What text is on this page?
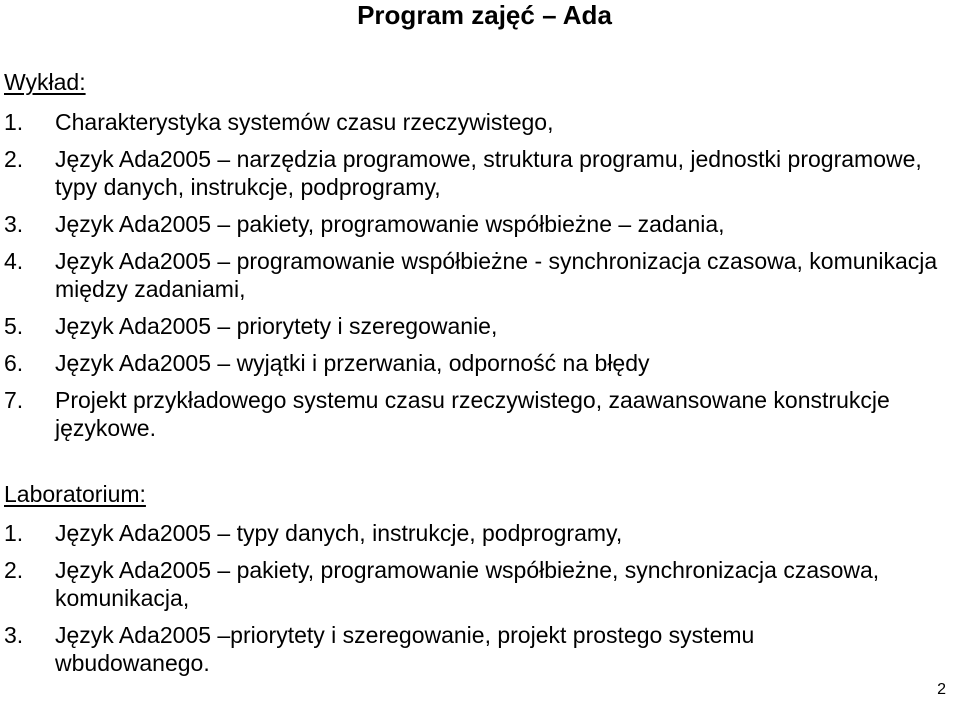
Program zajęć – Ada
Wykład:
1. Charakterystyka systemów czasu rzeczywistego,
2. Język Ada2005 – narzędzia programowe, struktura programu, jednostki programowe, typy danych, instrukcje, podprogramy,
3. Język Ada2005 – pakiety, programowanie współbieżne – zadania,
4. Język Ada2005 – programowanie współbieżne - synchronizacja czasowa, komunikacja między zadaniami,
5. Język Ada2005 – priorytety i szeregowanie,
6. Język Ada2005 – wyjątki i przerwania, odporność na błędy
7. Projekt przykładowego systemu czasu rzeczywistego, zaawansowane konstrukcje językowe.
Laboratorium:
1. Język Ada2005 – typy danych, instrukcje, podprogramy,
2. Język Ada2005 – pakiety, programowanie współbieżne, synchronizacja czasowa, komunikacja,
3. Język Ada2005 –priorytety i szeregowanie, projekt prostego systemu wbudowanego.
2
